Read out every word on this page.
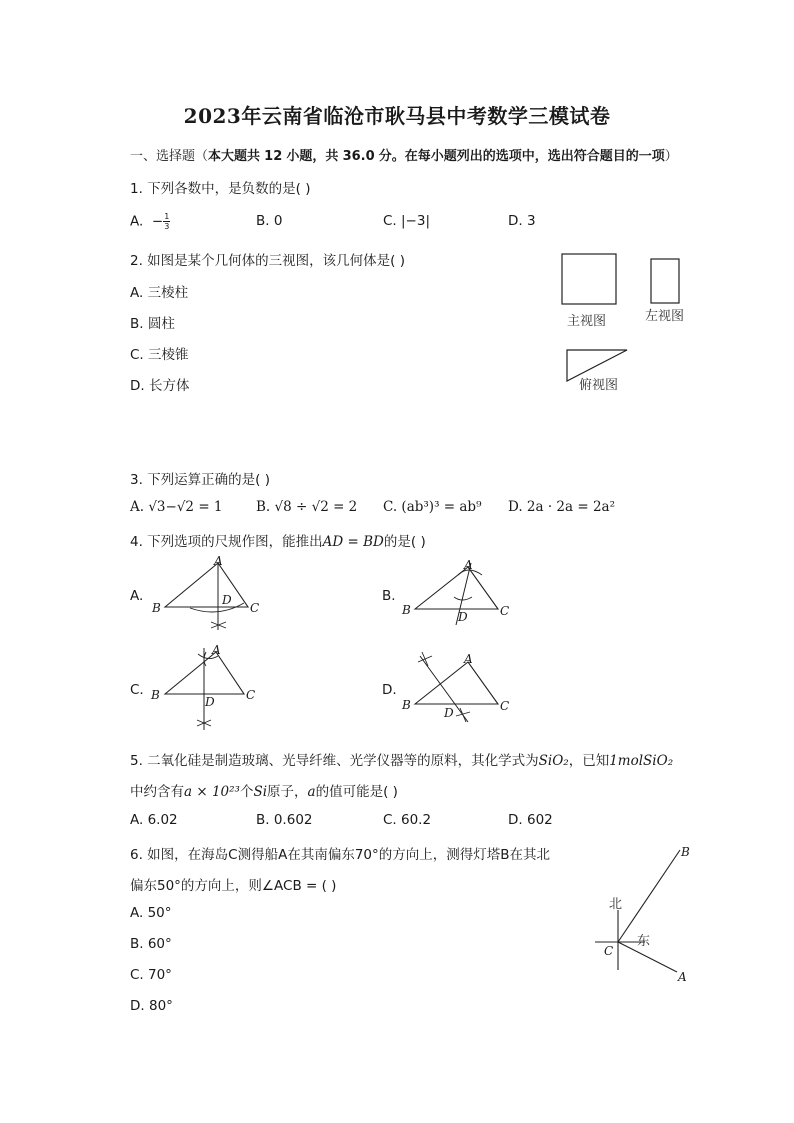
2023年云南省临沧市耿马县中考数学三模试卷
一、选择题（本大题共 12 小题，共 36.0 分。在每小题列出的选项中，选出符合题目的一项）
1. 下列各数中，是负数的是( )
A. − $\frac{1}{3}$	B. 0	C. |−3|	D. 3
2. 如图是某个几何体的三视图，该几何体是( )
A. 三棱柱
B. 圆柱
C. 三棱锥
D. 长方体
主视图	左视图
俯视图
3. 下列运算正确的是( )
A. √3−√2 = 1 B. √8 ÷ √2 = 2 C. (ab³)³ = ab⁹ D. 2a · 2a = 2a²
4. 下列选项的尺规作图，能推出AD = BD的是( )
A.
A
B	C
D	B.
A
B	C
D
C.
A
B	C
D
D.
A
B	C
D
5. 二氧化硅是制造玻璃、光导纤维、光学仪器等的原料，其化学式为SiO₂，已知1molSiO₂
中约含有a × 10²³个Si原子，a的值可能是( )
A. 6.02	B. 0.602	C. 60.2	D. 602
6. 如图，在海岛C测得船A在其南偏东70°的方向上，测得灯塔B在其北
偏东50°的方向上，则∠ACB = ( )
A. 50°
B. 60°
C. 70°
D. 80°
北
东
B
A
C
